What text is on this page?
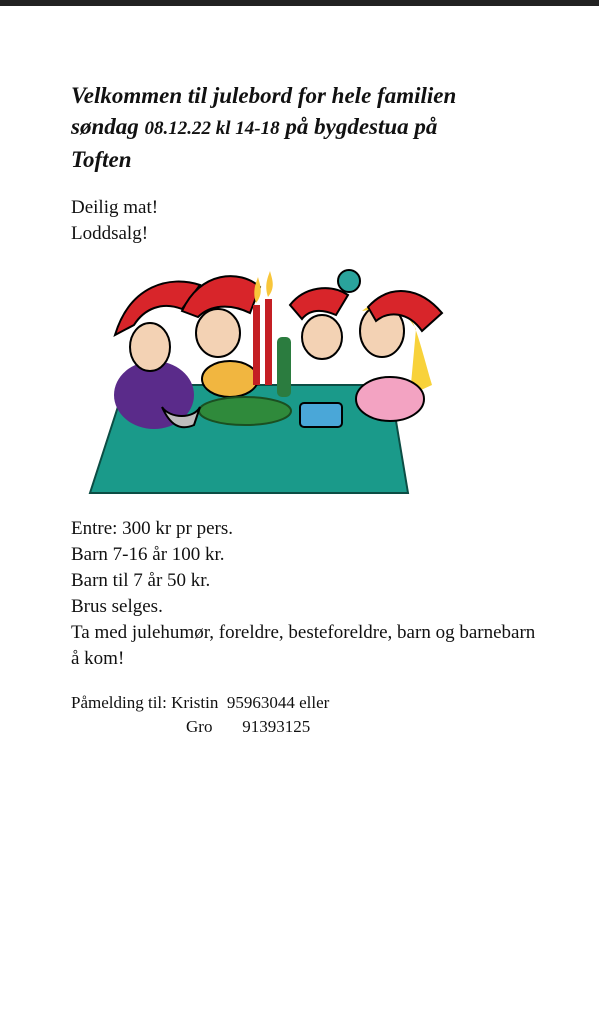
Velkommen til julebord for hele familien
søndag 08.12.22 kl 14-18 på bygdestua på
Toften

Deilig mat!
Loddsalg!

Entre: 300 kr pr pers.
Barn 7-16 år 100 kr.
Barn til 7 år 50 kr.
Brus selges.
Ta med julehumør, foreldre, besteforeldre, barn og barnebarn å kom!

Påmelding til: Kristin 95963044 eller
Gro 91393125
